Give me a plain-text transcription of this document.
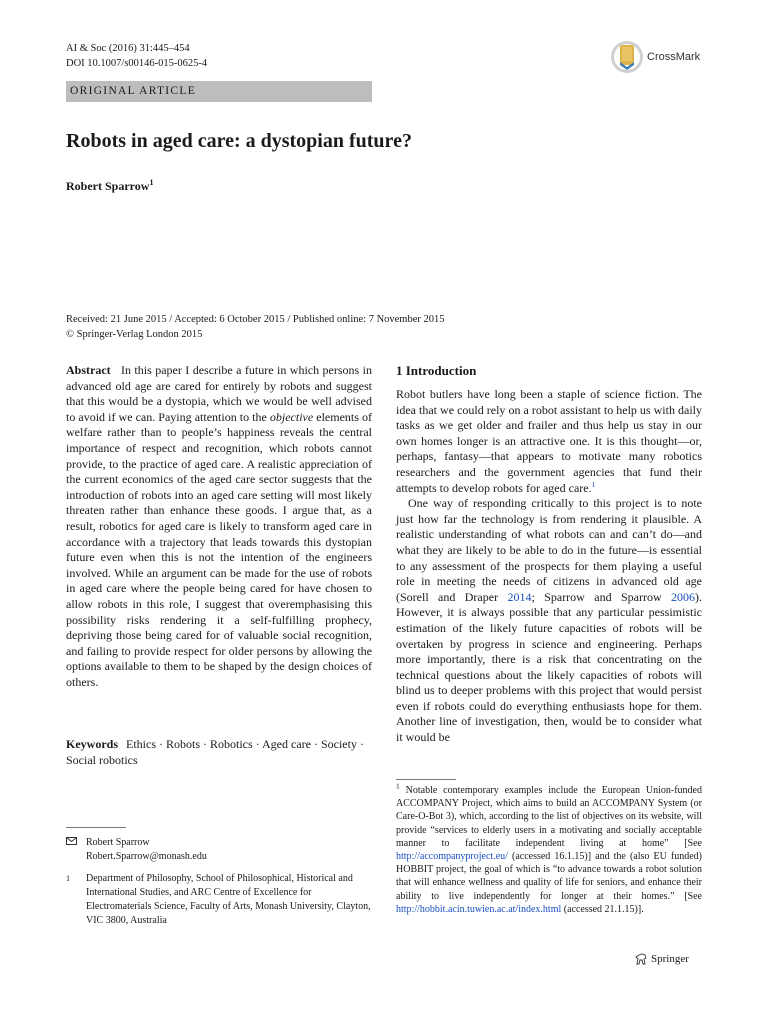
AI & Soc (2016) 31:445–454
DOI 10.1007/s00146-015-0625-4
CrossMark
ORIGINAL ARTICLE
Robots in aged care: a dystopian future?
Robert Sparrow$^1$
Received: 21 June 2015 / Accepted: 6 October 2015 / Published online: 7 November 2015
© Springer-Verlag London 2015

Abstract In this paper I describe a future in which persons in advanced old age are cared for entirely by robots and suggest that this would be a dystopia, which we would be well advised to avoid if we can. Paying attention to the objective elements of welfare rather than to people’s happiness reveals the central importance of respect and recognition, which robots cannot provide, to the practice of aged care. A realistic appreciation of the current economics of the aged care sector suggests that the introduction of robots into an aged care setting will most likely threaten rather than enhance these goods. I argue that, as a result, robotics for aged care is likely to transform aged care in accordance with a trajectory that leads towards this dystopian future even when this is not the intention of the engineers involved. While an argument can be made for the use of robots in aged care where the people being cared for have chosen to allow robots in this role, I suggest that overemphasising this possibility risks rendering it a self-fulfilling prophecy, depriving those being cared for of valuable social recognition, and failing to provide respect for older persons by allowing the options available to them to be shaped by the design choices of others.

Keywords Ethics · Robots · Robotics · Aged care · Society · Social robotics
Robert Sparrow
Robert.Sparrow@monash.edu
1	Department of Philosophy, School of Philosophical, Historical and International Studies, and ARC Centre of Excellence for Electromaterials Science, Faculty of Arts, Monash University, Clayton, VIC 3800, Australia
1 Introduction

Robot butlers have long been a staple of science fiction. The idea that we could rely on a robot assistant to help us with daily tasks as we get older and frailer and thus help us stay in our own homes longer is an attractive one. It is this thought—or, perhaps, fantasy—that appears to motivate many robotics researchers and the government agencies that fund their attempts to develop robots for aged care.$^1$

One way of responding critically to this project is to note just how far the technology is from rendering it plausible. A realistic understanding of what robots can and can’t do—and what they are likely to be able to do in the future—is essential to any assessment of the prospects for them playing a useful role in meeting the needs of citizens in advanced old age (Sorell and Draper 2014; Sparrow and Sparrow 2006). However, it is always possible that any particular pessimistic estimation of the likely future capacities of robots will be overtaken by progress in science and engineering. Perhaps more importantly, there is a risk that concentrating on the technical questions about the likely capacities of robots will blind us to deeper problems with this project that would persist even if robots could do everything enthusiasts hope for them. Another line of investigation, then, would be to consider what it would be

$^1$ Notable contemporary examples include the European Union-funded ACCOMPANY Project, which aims to build an ACCOMPANY System (or Care-O-Bot 3), which, according to the list of objectives on its website, will provide “services to elderly users in a motivating and socially acceptable manner to facilitate independent living at home” [See http://accompanyproject.eu/ (accessed 16.1.15)] and the (also EU funded) HOBBIT project, the goal of which is “to advance towards a robot solution that will enhance wellness and quality of life for seniors, and enhance their ability to live independently for longer at their homes.” [See http://hobbit.acin.tuwien.ac.at/index.html (accessed 21.1.15)].
Springer
